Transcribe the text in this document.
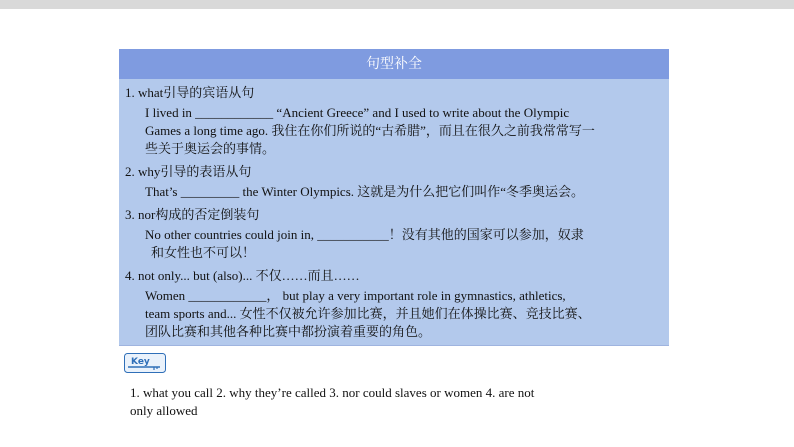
句型补全
1. what引导的宾语从句
I lived in ____________ “Ancient Greece” and I used to write about the Olympic
Games a long time ago. 我住在你们所说的“古希腊”，而且在很久之前我常常写一
些关于奥运会的事情。
2. why引导的表语从句
That’s _________ the Winter Olympics. 这就是为什么把它们叫作“冬季奥运会。
3. nor构成的否定倒装句
No other countries could join in, ___________！没有其他的国家可以参加，奴隶
和女性也不可以！
4. not only... but (also)... 不仅……而且……
Women ____________， but play a very important role in gymnastics, athletics,
team sports and... 女性不仅被允许参加比赛，并且她们在体操比赛、竞技比赛、
团队比赛和其他各种比赛中都扮演着重要的角色。
Key
1. what you call 2. why they’re called 3. nor could slaves or women 4. are not
only allowed
